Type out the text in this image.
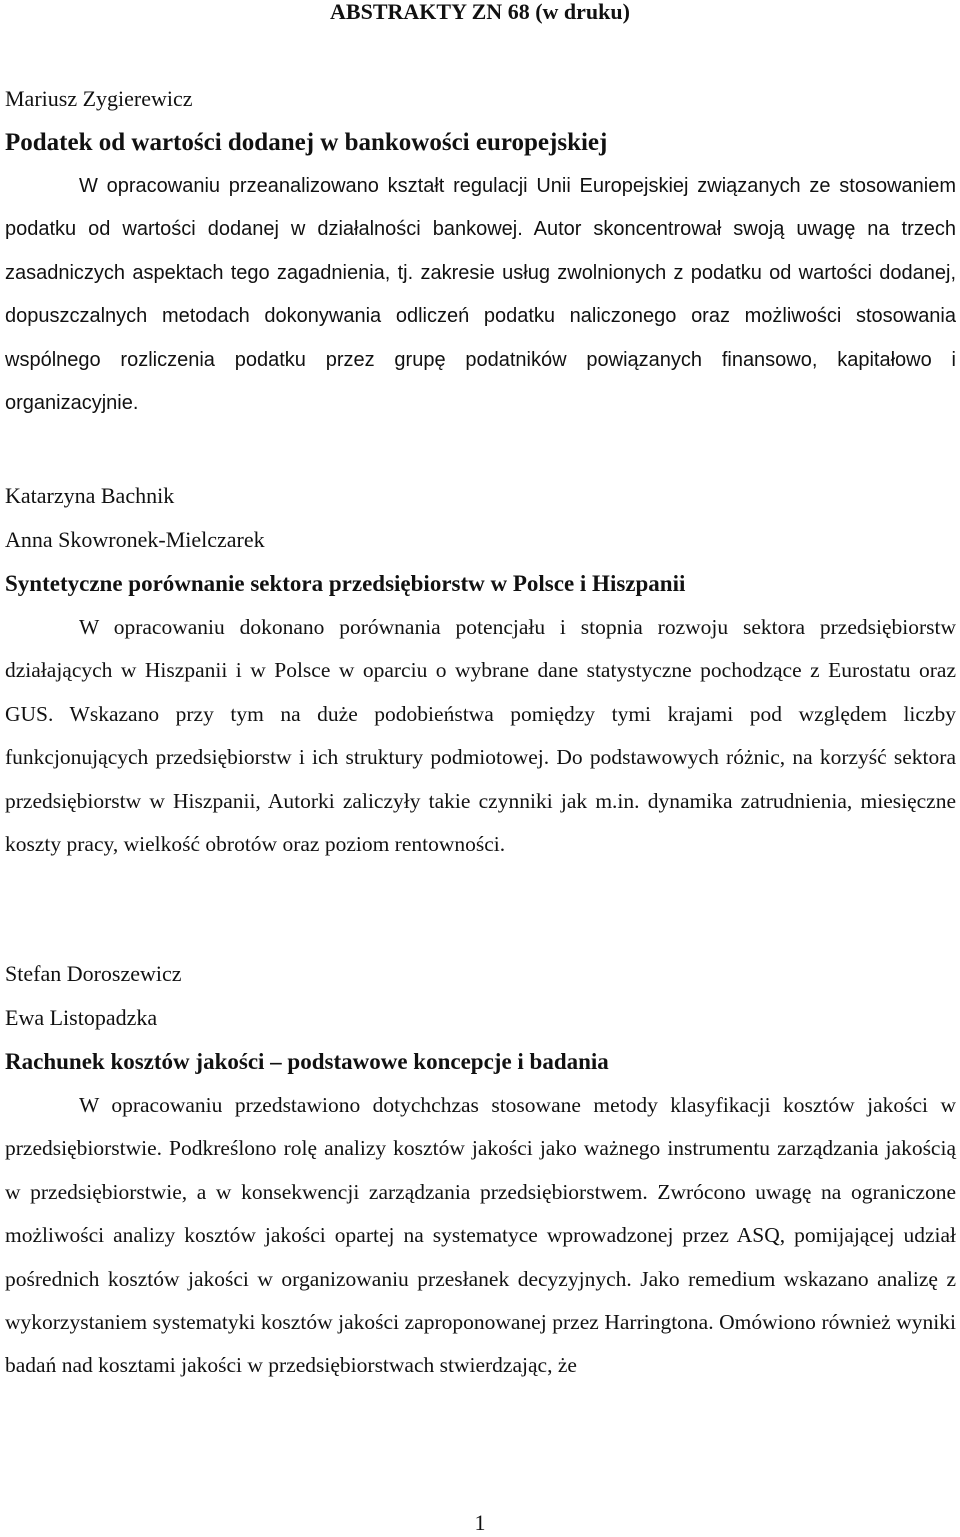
ABSTRAKTY ZN 68 (w druku)

Mariusz Zygierewicz

Podatek od wartości dodanej w bankowości europejskiej

W opracowaniu przeanalizowano kształt regulacji Unii Europejskiej związanych ze stosowaniem podatku od wartości dodanej w działalności bankowej. Autor skoncentrował swoją uwagę na trzech zasadniczych aspektach tego zagadnienia, tj. zakresie usług zwolnionych z podatku od wartości dodanej, dopuszczalnych metodach dokonywania odliczeń podatku naliczonego oraz możliwości stosowania wspólnego rozliczenia podatku przez grupę podatników powiązanych finansowo, kapitałowo i organizacyjnie.

Katarzyna Bachnik

Anna Skowronek-Mielczarek

Syntetyczne porównanie sektora przedsiębiorstw w Polsce i Hiszpanii

W opracowaniu dokonano porównania potencjału i stopnia rozwoju sektora przedsiębiorstw działających w Hiszpanii i w Polsce w oparciu o wybrane dane statystyczne pochodzące z Eurostatu oraz GUS. Wskazano przy tym na duże podobieństwa pomiędzy tymi krajami pod względem liczby funkcjonujących przedsiębiorstw i ich struktury podmiotowej. Do podstawowych różnic, na korzyść sektora przedsiębiorstw w Hiszpanii, Autorki zaliczyły takie czynniki jak m.in. dynamika zatrudnienia, miesięczne koszty pracy, wielkość obrotów oraz poziom rentowności.

Stefan Doroszewicz

Ewa Listopadzka

Rachunek kosztów jakości – podstawowe koncepcje i badania

W opracowaniu przedstawiono dotychchzas stosowane metody klasyfikacji kosztów jakości w przedsiębiorstwie. Podkreślono rolę analizy kosztów jakości jako ważnego instrumentu zarządzania jakością w przedsiębiorstwie, a w konsekwencji zarządzania przedsiębiorstwem. Zwrócono uwagę na ograniczone możliwości analizy kosztów jakości opartej na systematyce wprowadzonej przez ASQ, pomijającej udział pośrednich kosztów jakości w organizowaniu przesłanek decyzyjnych. Jako remedium wskazano analizę z wykorzystaniem systematyki kosztów jakości zaproponowanej przez Harringtona. Omówiono również wyniki badań nad kosztami jakości w przedsiębiorstwach stwierdzając, że

1
